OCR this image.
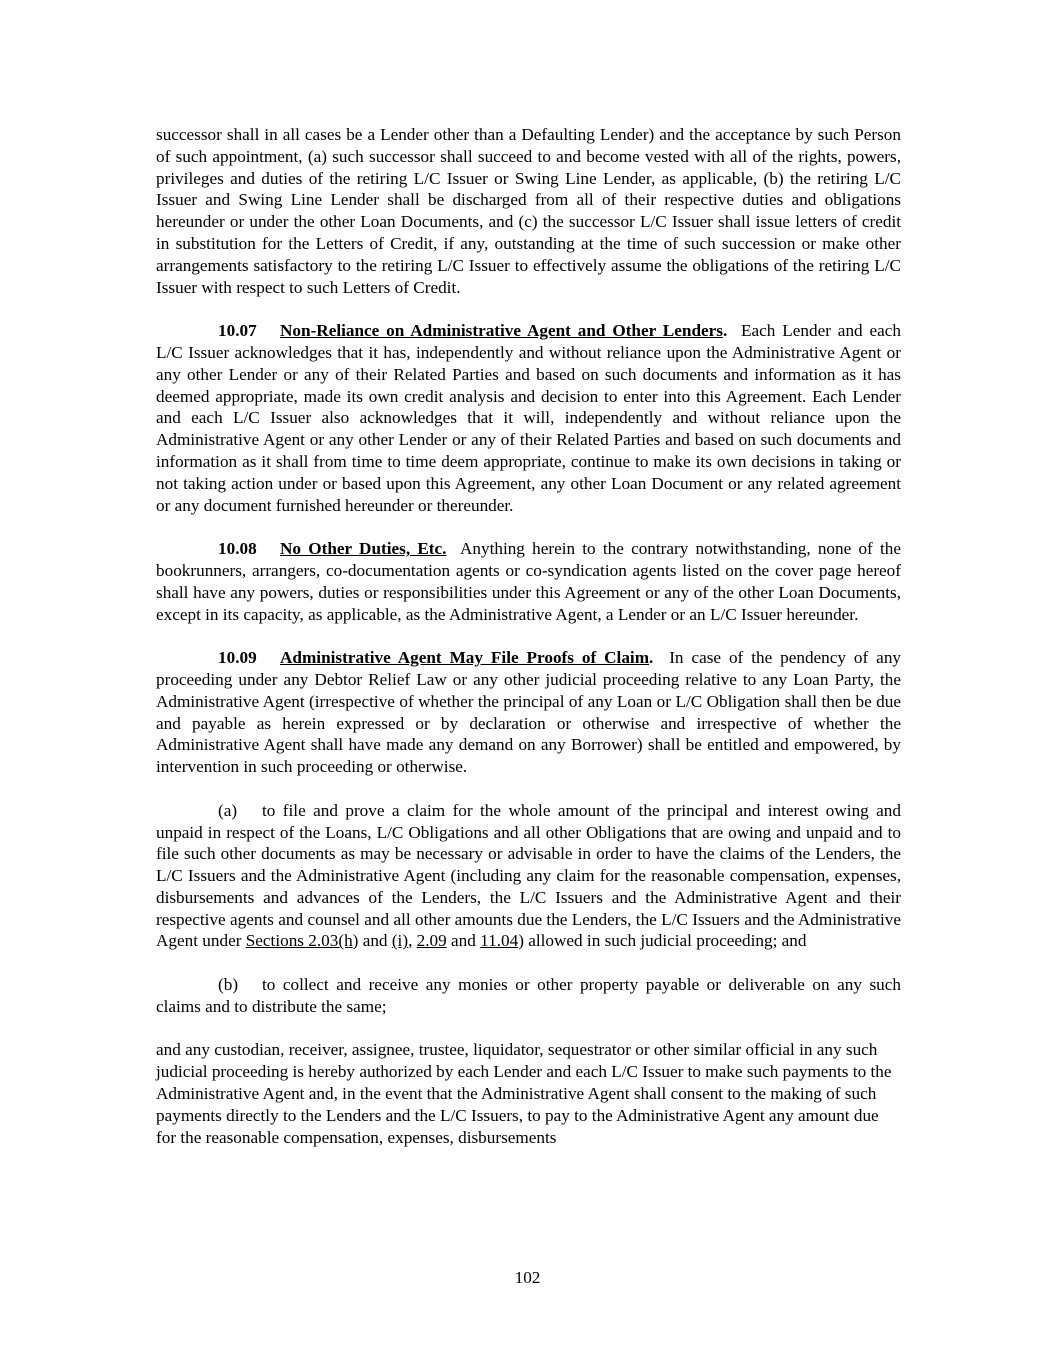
successor shall in all cases be a Lender other than a Defaulting Lender) and the acceptance by such Person of such appointment, (a) such successor shall succeed to and become vested with all of the rights, powers, privileges and duties of the retiring L/C Issuer or Swing Line Lender, as applicable, (b) the retiring L/C Issuer and Swing Line Lender shall be discharged from all of their respective duties and obligations hereunder or under the other Loan Documents, and (c) the successor L/C Issuer shall issue letters of credit in substitution for the Letters of Credit, if any, outstanding at the time of such succession or make other arrangements satisfactory to the retiring L/C Issuer to effectively assume the obligations of the retiring L/C Issuer with respect to such Letters of Credit.

10.07 Non-Reliance on Administrative Agent and Other Lenders. Each Lender and each L/C Issuer acknowledges that it has, independently and without reliance upon the Administrative Agent or any other Lender or any of their Related Parties and based on such documents and information as it has deemed appropriate, made its own credit analysis and decision to enter into this Agreement. Each Lender and each L/C Issuer also acknowledges that it will, independently and without reliance upon the Administrative Agent or any other Lender or any of their Related Parties and based on such documents and information as it shall from time to time deem appropriate, continue to make its own decisions in taking or not taking action under or based upon this Agreement, any other Loan Document or any related agreement or any document furnished hereunder or thereunder.

10.08 No Other Duties, Etc. Anything herein to the contrary notwithstanding, none of the bookrunners, arrangers, co-documentation agents or co-syndication agents listed on the cover page hereof shall have any powers, duties or responsibilities under this Agreement or any of the other Loan Documents, except in its capacity, as applicable, as the Administrative Agent, a Lender or an L/C Issuer hereunder.

10.09 Administrative Agent May File Proofs of Claim. In case of the pendency of any proceeding under any Debtor Relief Law or any other judicial proceeding relative to any Loan Party, the Administrative Agent (irrespective of whether the principal of any Loan or L/C Obligation shall then be due and payable as herein expressed or by declaration or otherwise and irrespective of whether the Administrative Agent shall have made any demand on any Borrower) shall be entitled and empowered, by intervention in such proceeding or otherwise.

(a) to file and prove a claim for the whole amount of the principal and interest owing and unpaid in respect of the Loans, L/C Obligations and all other Obligations that are owing and unpaid and to file such other documents as may be necessary or advisable in order to have the claims of the Lenders, the L/C Issuers and the Administrative Agent (including any claim for the reasonable compensation, expenses, disbursements and advances of the Lenders, the L/C Issuers and the Administrative Agent and their respective agents and counsel and all other amounts due the Lenders, the L/C Issuers and the Administrative Agent under Sections 2.03(h) and (i), 2.09 and 11.04) allowed in such judicial proceeding; and

(b) to collect and receive any monies or other property payable or deliverable on any such claims and to distribute the same;

and any custodian, receiver, assignee, trustee, liquidator, sequestrator or other similar official in any such judicial proceeding is hereby authorized by each Lender and each L/C Issuer to make such payments to the Administrative Agent and, in the event that the Administrative Agent shall consent to the making of such payments directly to the Lenders and the L/C Issuers, to pay to the Administrative Agent any amount due for the reasonable compensation, expenses, disbursements

102
